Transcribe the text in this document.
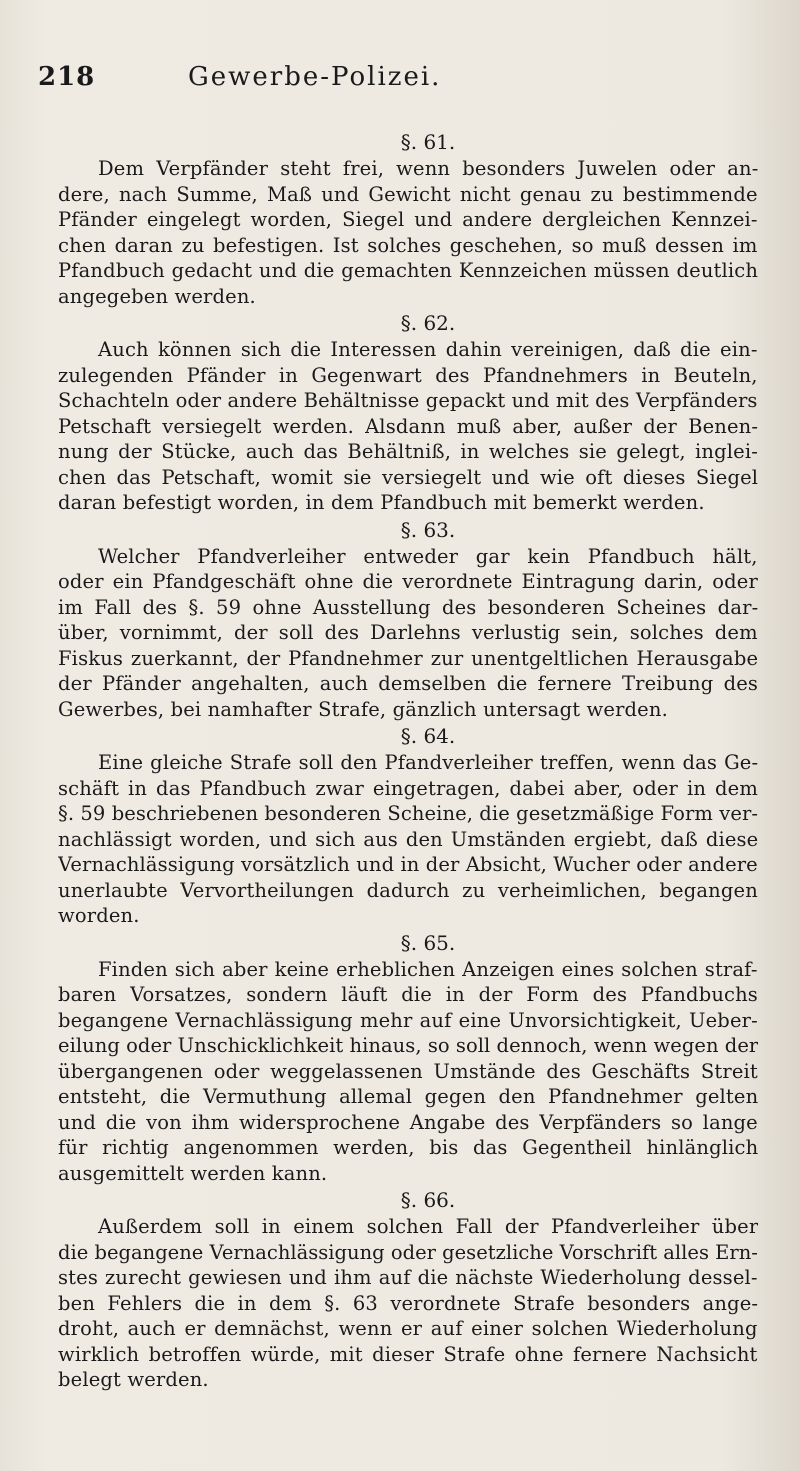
218	Gewerbe-Polizei.
§. 61.
Dem Verpfänder steht frei, wenn besonders Juwelen oder an-
dere, nach Summe, Maß und Gewicht nicht genau zu bestimmende
Pfänder eingelegt worden, Siegel und andere dergleichen Kennzei-
chen daran zu befestigen. Ist solches geschehen, so muß dessen im
Pfandbuch gedacht und die gemachten Kennzeichen müssen deutlich
angegeben werden.
§. 62.
Auch können sich die Interessen dahin vereinigen, daß die ein-
zulegenden Pfänder in Gegenwart des Pfandnehmers in Beuteln,
Schachteln oder andere Behältnisse gepackt und mit des Verpfänders
Petschaft versiegelt werden. Alsdann muß aber, außer der Benen-
nung der Stücke, auch das Behältniß, in welches sie gelegt, inglei-
chen das Petschaft, womit sie versiegelt und wie oft dieses Siegel
daran befestigt worden, in dem Pfandbuch mit bemerkt werden.
§. 63.
Welcher Pfandverleiher entweder gar kein Pfandbuch hält,
oder ein Pfandgeschäft ohne die verordnete Eintragung darin, oder
im Fall des §. 59 ohne Ausstellung des besonderen Scheines dar-
über, vornimmt, der soll des Darlehns verlustig sein, solches dem
Fiskus zuerkannt, der Pfandnehmer zur unentgeltlichen Herausgabe
der Pfänder angehalten, auch demselben die fernere Treibung des
Gewerbes, bei namhafter Strafe, gänzlich untersagt werden.
§. 64.
Eine gleiche Strafe soll den Pfandverleiher treffen, wenn das Ge-
schäft in das Pfandbuch zwar eingetragen, dabei aber, oder in dem
§. 59 beschriebenen besonderen Scheine, die gesetzmäßige Form ver-
nachlässigt worden, und sich aus den Umständen ergiebt, daß diese
Vernachlässigung vorsätzlich und in der Absicht, Wucher oder andere
unerlaubte Vervortheilungen dadurch zu verheimlichen, begangen
worden.
§. 65.
Finden sich aber keine erheblichen Anzeigen eines solchen straf-
baren Vorsatzes, sondern läuft die in der Form des Pfandbuchs
begangene Vernachlässigung mehr auf eine Unvorsichtigkeit, Ueber-
eilung oder Unschicklichkeit hinaus, so soll dennoch, wenn wegen der
übergangenen oder weggelassenen Umstände des Geschäfts Streit
entsteht, die Vermuthung allemal gegen den Pfandnehmer gelten
und die von ihm widersprochene Angabe des Verpfänders so lange
für richtig angenommen werden, bis das Gegentheil hinlänglich
ausgemittelt werden kann.
§. 66.
Außerdem soll in einem solchen Fall der Pfandverleiher über
die begangene Vernachlässigung oder gesetzliche Vorschrift alles Ern-
stes zurecht gewiesen und ihm auf die nächste Wiederholung dessel-
ben Fehlers die in dem §. 63 verordnete Strafe besonders ange-
droht, auch er demnächst, wenn er auf einer solchen Wiederholung
wirklich betroffen würde, mit dieser Strafe ohne fernere Nachsicht
belegt werden.
